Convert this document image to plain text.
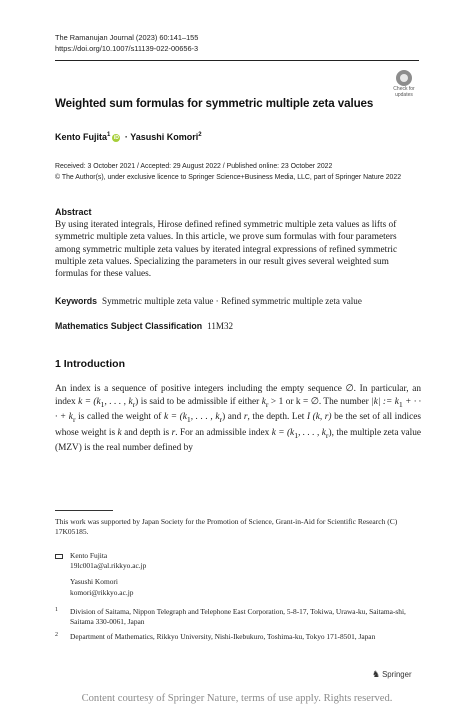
The Ramanujan Journal (2023) 60:141–155
https://doi.org/10.1007/s11139-022-00656-3
Check for
updates
Weighted sum formulas for symmetric multiple zeta values
Kento Fujita$^1$ iD · Yasushi Komori$^2$
Received: 3 October 2021 / Accepted: 29 August 2022 / Published online: 23 October 2022
© The Author(s), under exclusive licence to Springer Science+Business Media, LLC, part of Springer Nature 2022
Abstract
By using iterated integrals, Hirose defined refined symmetric multiple zeta values as lifts of symmetric multiple zeta values. In this article, we prove sum formulas with four parameters among symmetric multiple zeta values by iterated integral expressions of refined symmetric multiple zeta values. Specializing the parameters in our result gives several weighted sum formulas for these values.
Keywords Symmetric multiple zeta value · Refined symmetric multiple zeta value
Mathematics Subject Classification 11M32
1 Introduction

An index is a sequence of positive integers including the empty sequence ∅. In particular, an index $k = (k_1$, . . . , $k_r$) is said to be admissible if either $k_r > 1$ or k = ∅. The number |k| := $k_1$ + · · · + $k_r$ is called the weight of $k = (k_1$, . . . , $k_r$) and r, the depth. Let I (k, r) be the set of all indices whose weight is k and depth is r. For an admissible index $k = (k_1$, . . . , $k_r$), the multiple zeta value (MZV) is the real number defined by

This work was supported by Japan Society for the Promotion of Science, Grant-in-Aid for Scientific Research (C) 17K05185.
Kento Fujita
19lc001a@al.rikkyo.ac.jp
Yasushi Komori
komori@rikkyo.ac.jp
1 Division of Saitama, Nippon Telegraph and Telephone East Corporation, 5-8-17, Tokiwa, Urawa-ku, Saitama-shi, Saitama 330-0061, Japan
2 Department of Mathematics, Rikkyo University, Nishi-Ikebukuro, Toshima-ku, Tokyo 171-8501, Japan
♞ Springer
Content courtesy of Springer Nature, terms of use apply. Rights reserved.
